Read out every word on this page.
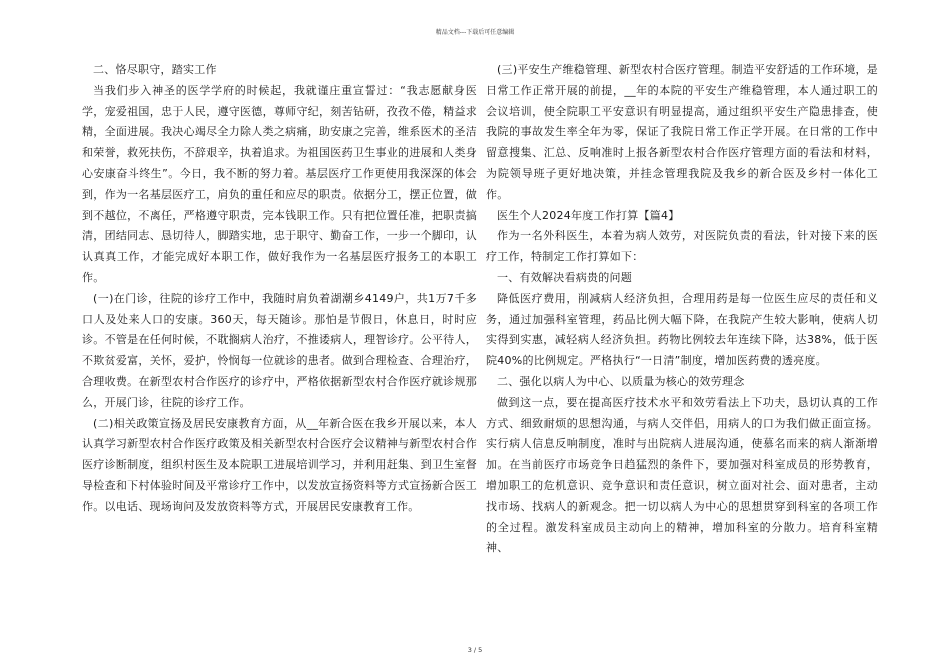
精品文档---下载后可任意编辑

二、恪尽职守，踏实工作

当我们步入神圣的医学学府的时候起，我就谨庄重宣誓过：“我志愿献身医学，宠爱祖国，忠于人民，遵守医德，尊师守纪，刻苦钻研，孜孜不倦，精益求精，全面进展。我决心竭尽全力除人类之病痛，助安康之完善，维系医术的圣洁和荣誉，救死扶伤，不辞艰辛，执着追求。为祖国医药卫生事业的进展和人类身心安康奋斗终生”。今日，我不断的努力着。基层医疗工作更使用我深深的体会到，作为一名基层医疗工，肩负的重任和应尽的职责。依据分工，摆正位置，做到不越位，不离任，严格遵守职责，完本钱职工作。只有把位置任准，把职责搞清，团结同志、恳切待人，脚踏实地，忠于职守、勤奋工作，一步一个脚印，认认真真工作，才能完成好本职工作，做好我作为一名基层医疗报务工的本职工作。

(一)在门诊，往院的诊疗工作中，我随时肩负着湖潮乡4149户，共1万7千多口人及处来人口的安康。360天，每天随诊。那怕是节假日，休息日，时时应诊。不管是在任何时候，不耽搁病人治疗，不推诿病人，理智诊疗。公平待人，不欺贫爱富，关怀，爱护，怜悯每一位就诊的患者。做到合理检查、合理治疗，合理收费。在新型农村合作医疗的诊疗中，严格依据新型农村合作医疗就诊规那么，开展门诊，往院的诊疗工作。

(二)相关政策宣扬及居民安康教育方面，从__年新合医在我乡开展以来，本人认真学习新型农村合作医疗政策及相关新型农村合医疗会议精神与新型农村合作医疗诊断制度，组织村医生及本院职工进展培训学习，并利用赶集、到卫生室督导检查和下村体验时间及平常诊疗工作中，以发放宣扬资料等方式宣扬新合医工作。以电话、现场询问及发放资料等方式，开展居民安康教育工作。

(三)平安生产维稳管理、新型农村合医疗管理。制造平安舒适的工作环境，是日常工作正常开展的前提，__年的本院的平安生产维稳管理，本人通过职工的会议培训，使全院职工平安意识有明显提高，通过组织平安生产隐患排查，使我院的事故发生率全年为零，保证了我院日常工作正学开展。在日常的工作中留意搜集、汇总、反响准时上报各新型农村合作医疗管理方面的看法和材料，为院领导班子更好地决策，并挂念管理我院及我乡的新合医及乡村一体化工作。

医生个人2024年度工作打算【篇4】

作为一名外科医生，本着为病人效劳，对医院负责的看法，针对接下来的医疗工作，特制定工作打算如下：

一、有效解决看病贵的问题

降低医疗费用，削减病人经济负担，合理用药是每一位医生应尽的责任和义务，通过加强科室管理，药品比例大幅下降，在我院产生较大影响，使病人切实得到实惠，减轻病人经济负担。药物比例较去年连续下降，达38%，低于医院40%的比例规定。严格执行“一日清”制度，增加医药费的透亮度。

二、强化以病人为中心、以质量为核心的效劳理念

做到这一点，要在提高医疗技术水平和效劳看法上下功夫，恳切认真的工作方式、细致耐烦的思想沟通，与病人交伴侣，用病人的口为我们做正面宣扬。实行病人信息反响制度，准时与出院病人进展沟通，使慕名而来的病人渐渐增加。在当前医疗市场竞争日趋猛烈的条件下，要加强对科室成员的形势教育，增加职工的危机意识、竞争意识和责任意识，树立面对社会、面对患者，主动找市场、找病人的新观念。把一切以病人为中心的思想贯穿到科室的各项工作的全过程。激发科室成员主动向上的精神，增加科室的分散力。培育科室精神、

3 / 5
